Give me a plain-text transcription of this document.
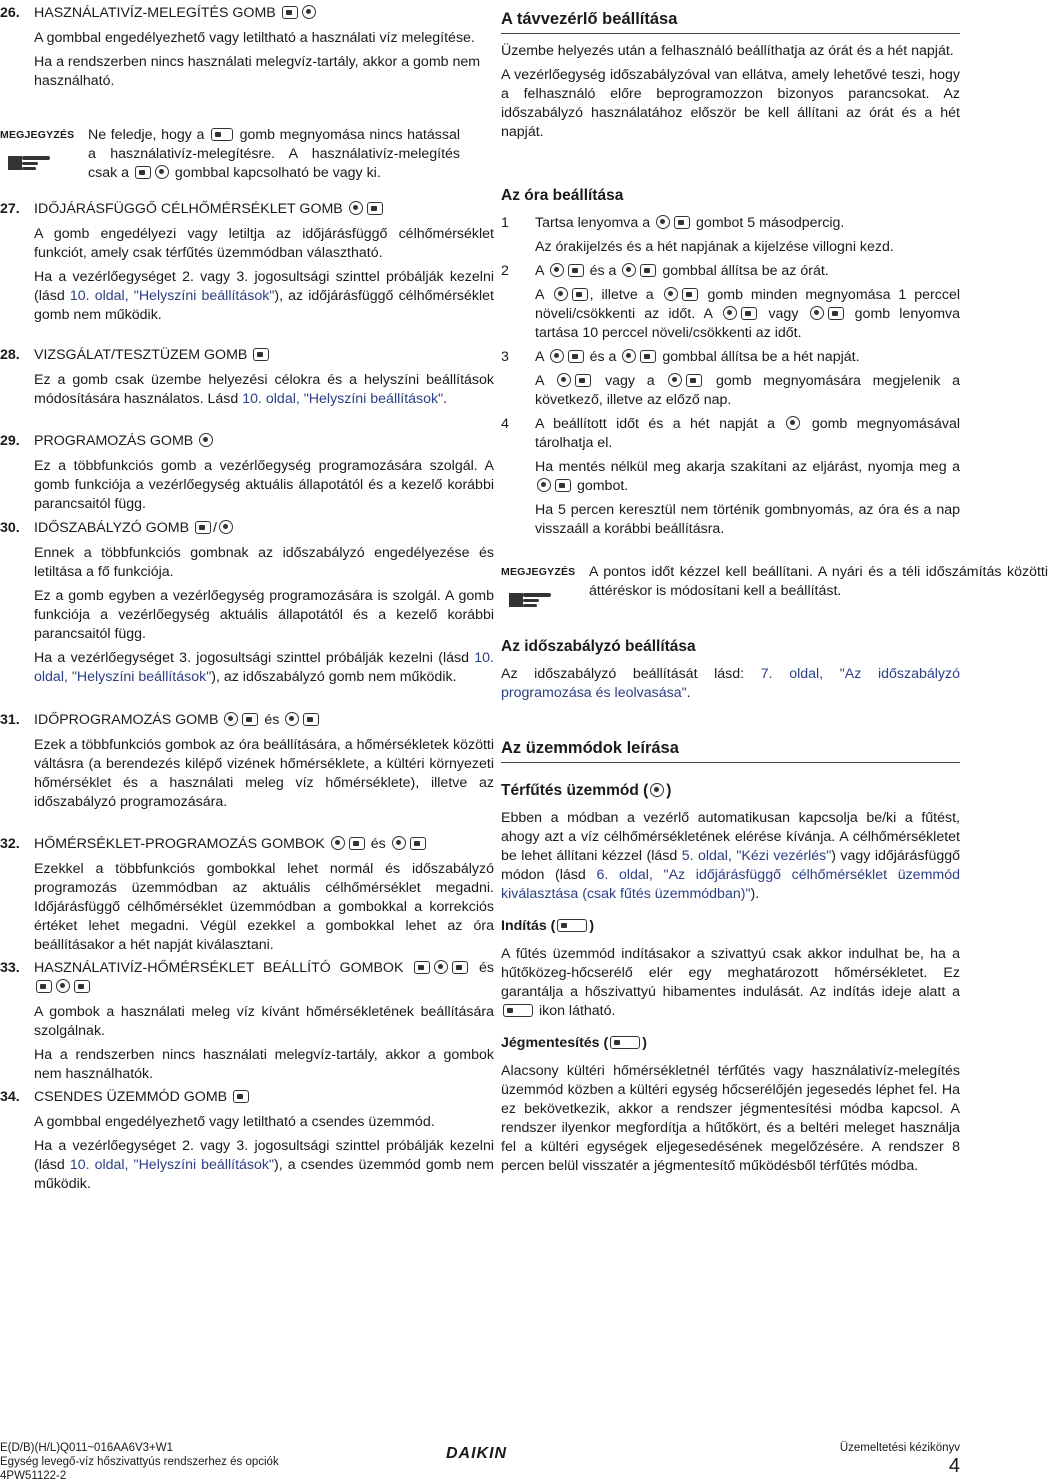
26. HASZNÁLATIVÍZ-MELEGÍTÉS GOMB

A gombbal engedélyezhető vagy letiltható a használati víz melegítése.

Ha a rendszerben nincs használati melegvíz-tartály, akkor a gomb nem használható.

MEGJEGYZÉS Ne feledje, hogy a gomb megnyomása nincs hatással a használativíz-melegítésre. A használativíz-melegítés csak a	gombbal kapcsolható be vagy ki.

27. IDŐJÁRÁSFÜGGŐ CÉLHŐMÉRSÉKLET GOMB

A gomb engedélyezi vagy letiltja az időjárásfüggő célhőmérséklet funkciót, amely csak térfűtés üzemmódban választható.

Ha a vezérlőegységet 2. vagy 3. jogosultsági szinttel próbálják kezelni (lásd 10. oldal, "Helyszíni beállítások"), az időjárásfüggő célhőmérséklet gomb nem működik.

28. VIZSGÁLAT/TESZTÜZEM GOMB

Ez a gomb csak üzembe helyezési célokra és a helyszíni beállítások módosítására használatos. Lásd 10. oldal, "Helyszíni beállítások".

29. PROGRAMOZÁS GOMB

Ez a többfunkciós gomb a vezérlőegység programozására szolgál. A gomb funkciója a vezérlőegység aktuális állapotától és a kezelő korábbi parancsaitól függ.

30. IDŐSZABÁLYZÓ GOMB /

Ennek a többfunkciós gombnak az időszabályzó engedélyezése és letiltása a fő funkciója.

Ez a gomb egyben a vezérlőegység programozására is szolgál. A gomb funkciója a vezérlőegység aktuális állapotától és a kezelő korábbi parancsaitól függ.

Ha a vezérlőegységet 3. jogosultsági szinttel próbálják kezelni (lásd 10. oldal, "Helyszíni beállítások"), az időszabályzó gomb nem működik.

31. IDŐPROGRAMOZÁS GOMB	és

Ezek a többfunkciós gombok az óra beállítására, a hőmérsékletek közötti váltásra (a berendezés kilépő vizének hőmérséklete, a kültéri környezeti hőmérséklet és a használati meleg víz hőmérséklete), illetve az időszabályzó programozására.

32. HŐMÉRSÉKLET-PROGRAMOZÁS GOMBOK	és

Ezekkel a többfunkciós gombokkal lehet normál és időszabályzó programozás üzemmódban az aktuális célhőmérséklet megadni. Időjárásfüggő célhőmérséklet üzemmódban a gombokkal a korrekciós értéket lehet megadni. Végül ezekkel a gombokkal lehet az óra beállításakor a hét napját kiválasztani.

33. HASZNÁLATIVÍZ-HŐMÉRSÉKLET BEÁLLÍTÓ GOMBOK	és

A gombok a használati meleg víz kívánt hőmérsékletének beállítására szolgálnak.

Ha a rendszerben nincs használati melegvíz-tartály, akkor a gombok nem használhatók.

34. CSENDES ÜZEMMÓD GOMB

A gombbal engedélyezhető vagy letiltható a csendes üzemmód.

Ha a vezérlőegységet 2. vagy 3. jogosultsági szinttel próbálják kezelni (lásd 10. oldal, "Helyszíni beállítások"), a csendes üzemmód gomb nem működik.

A távvezérlő beállítása

Üzembe helyezés után a felhasználó beállíthatja az órát és a hét napját.

A vezérlőegység időszabályzóval van ellátva, amely lehetővé teszi, hogy a felhasználó előre beprogramozzon bizonyos parancsokat. Az időszabályzó használatához először be kell állítani az órát és a hét napját.

Az óra beállítása
1 Tartsa lenyomva a	gombot 5 másodpercig.

Az órakijelzés és a hét napjának a kijelzése villogni kezd.

2 A	és a	gombbal állítsa be az órát.

A	, illetve a	gomb minden megnyomása 1 perccel növeli/csökkenti az időt. A	vagy	gomb lenyomva tartása 10 perccel növeli/csökkenti az időt.

3 A	és a	gombbal állítsa be a hét napját.

A	vagy a	gomb megnyomására megjelenik a következő, illetve az előző nap.

4 A beállított időt és a hét napját a	gomb megnyomásával tárolhatja el.

Ha mentés nélkül meg akarja szakítani az eljárást, nyomja meg a  gombot.

Ha 5 percen keresztül nem történik gombnyomás, az óra és a nap visszaáll a korábbi beállításra.

MEGJEGYZÉS A pontos időt kézzel kell beállítani. A nyári és a téli időszámítás közötti áttéréskor is módosítani kell a beállítást.

Az időszabályzó beállítása

Az időszabályzó beállítását lásd: 7. oldal, "Az időszabályzó programozása és leolvasása".

Az üzemmódok leírása
Térfűtés üzemmód ( )

Ebben a módban a vezérlő automatikusan kapcsolja be/ki a fűtést, ahogy azt a víz célhőmérsékletének elérése kívánja. A célhőmérsékletet be lehet állítani kézzel (lásd 5. oldal, "Kézi vezérlés") vagy időjárásfüggő módon (lásd 6. oldal, "Az időjárásfüggő célhőmérséklet üzemmód kiválasztása (csak fűtés üzemmódban)").

Indítás ( )

A fűtés üzemmód indításakor a szivattyú csak akkor indulhat be, ha a hűtőközeg-hőcserélő elér egy meghatározott hőmérsékletet. Ez garantálja a hőszivattyú hibamentes indulását. Az indítás ideje alatt a  ikon látható.

Jégmentesítés ( )

Alacsony kültéri hőmérsékletnél térfűtés vagy használativíz-melegítés üzemmód közben a kültéri egység hőcserélőjén jegesedés léphet fel. Ha ez bekövetkezik, akkor a rendszer jégmentesítési módba kapcsol. A rendszer ilyenkor megfordítja a hűtőkört, és a beltéri meleget használja fel a kültéri egységek eljegesedésének megelőzésére. A rendszer 8 percen belül visszatér a jégmentesítő működésből térfűtés módba.

E(D/B)(H/L)Q011~016AA6V3+W1
Egység levegő-víz hőszivattyús rendszerhez és opciók
4PW51122-2
DAIKIN	Üzemeltetési kézikönyv
4
